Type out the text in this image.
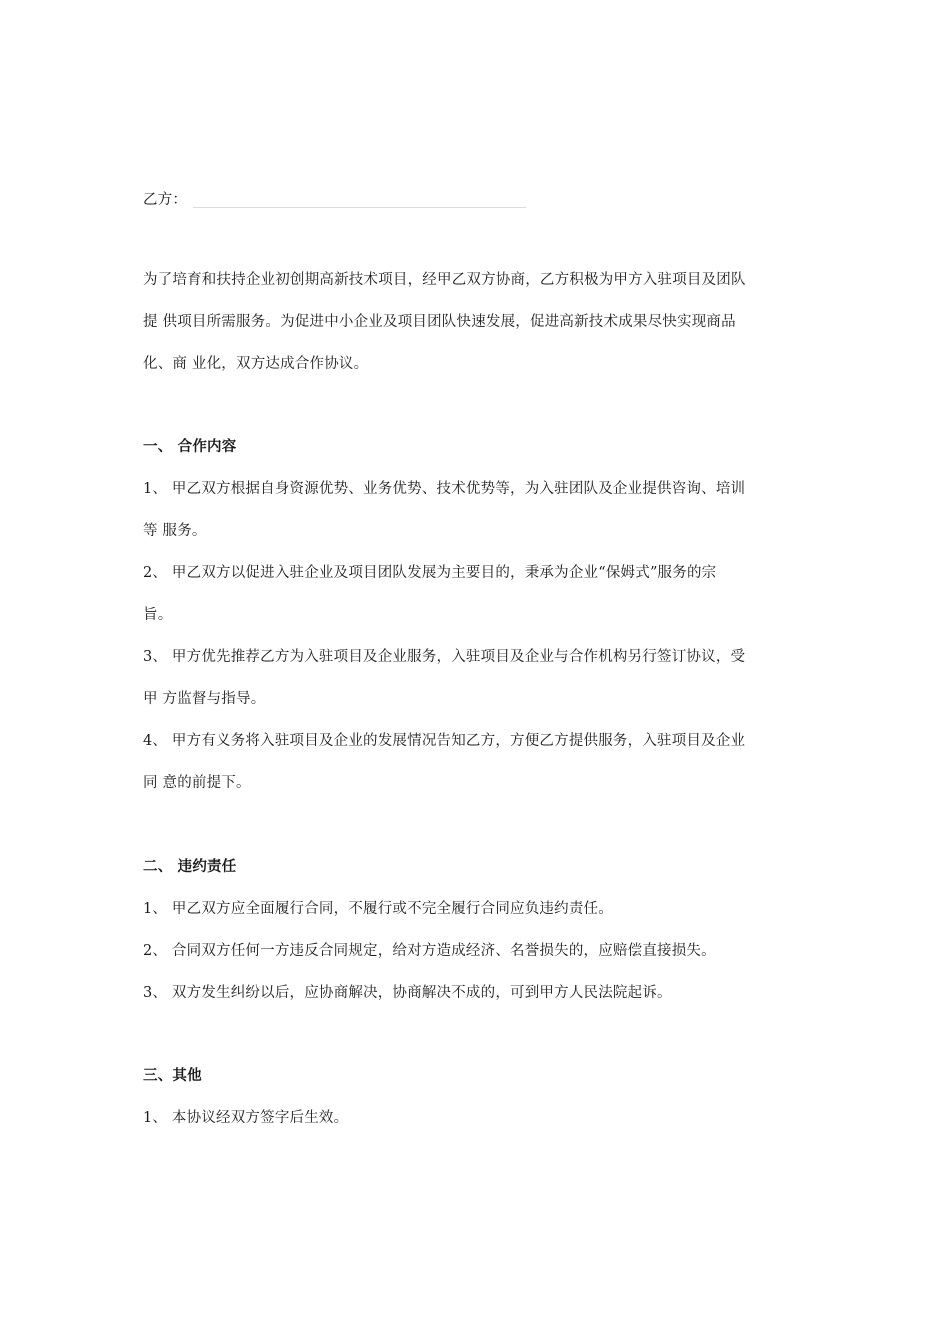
乙方：
为了培育和扶持企业初创期高新技术项目，经甲乙双方协商，乙方积极为甲方入驻项目及团队
提 供项目所需服务。为促进中小企业及项目团队快速发展，促进高新技术成果尽快实现商品
化、商 业化，双方达成合作协议。
一、 合作内容
1、 甲乙双方根据自身资源优势、业务优势、技术优势等，为入驻团队及企业提供咨询、培训
等 服务。
2、 甲乙双方以促进入驻企业及项目团队发展为主要目的，秉承为企业“保姆式”服务的宗
旨。
3、 甲方优先推荐乙方为入驻项目及企业服务，入驻项目及企业与合作机构另行签订协议，受
甲 方监督与指导。
4、 甲方有义务将入驻项目及企业的发展情况告知乙方，方便乙方提供服务，入驻项目及企业
同 意的前提下。
二、 违约责任
1、 甲乙双方应全面履行合同，不履行或不完全履行合同应负违约责任。
2、 合同双方任何一方违反合同规定，给对方造成经济、名誉损失的，应赔偿直接损失。
3、 双方发生纠纷以后，应协商解决，协商解决不成的，可到甲方人民法院起诉。
三、其他
1、 本协议经双方签字后生效。
